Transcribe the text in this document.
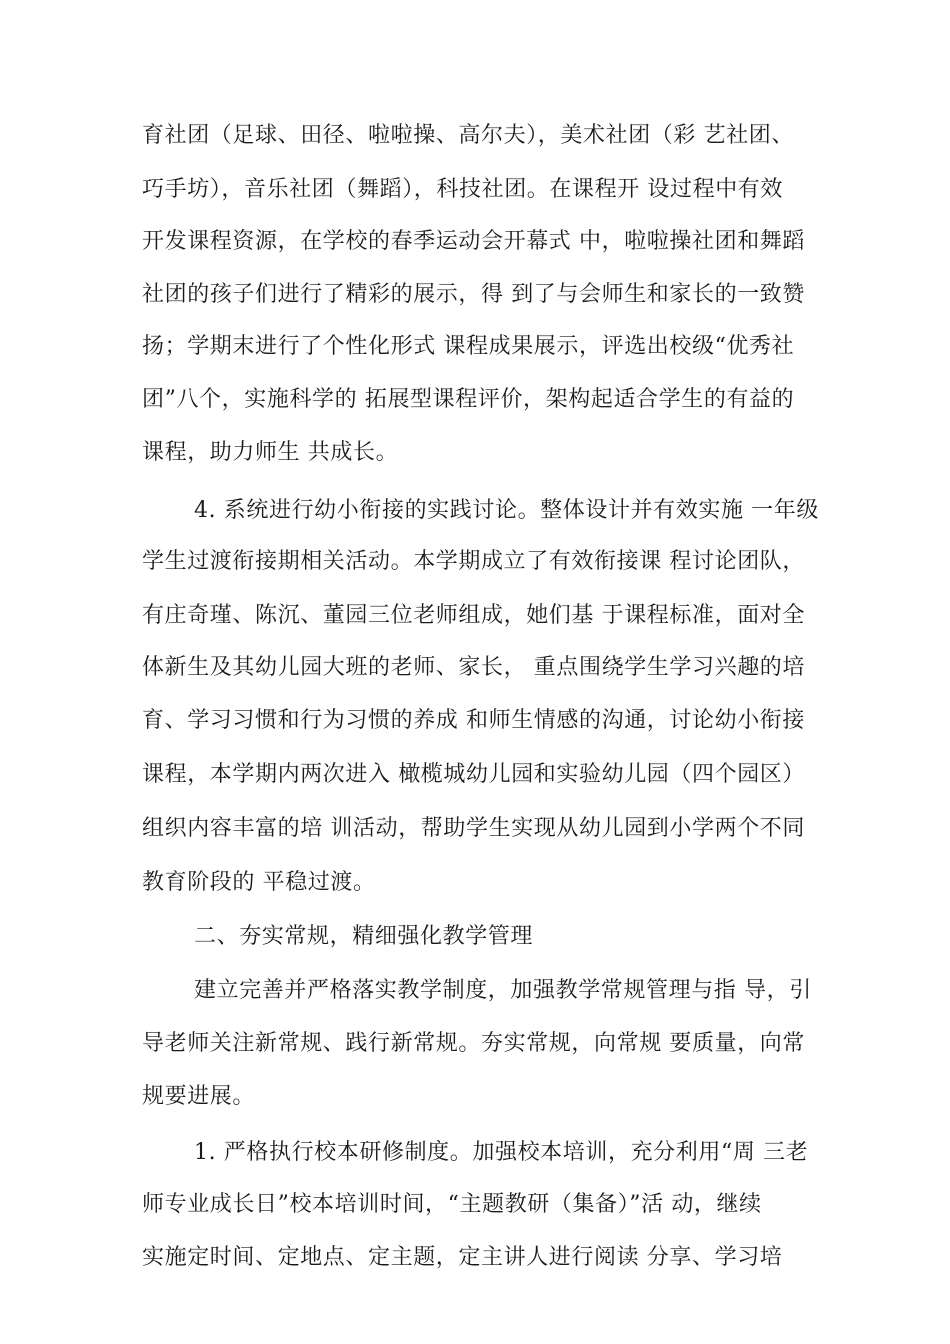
育社团（足球、田径、啦啦操、高尔夫），美术社团（彩 艺社团、
巧手坊），音乐社团（舞蹈），科技社团。在课程开 设过程中有效
开发课程资源，在学校的春季运动会开幕式 中，啦啦操社团和舞蹈
社团的孩子们进行了精彩的展示，得 到了与会师生和家长的一致赞
扬；学期末进行了个性化形式 课程成果展示，评选出校级“优秀社
团”八个，实施科学的 拓展型课程评价，架构起适合学生的有益的
课程，助力师生 共成长。
4. 系统进行幼小衔接的实践讨论。整体设计并有效实施 一年级
学生过渡衔接期相关活动。本学期成立了有效衔接课 程讨论团队，
有庄奇瑾、陈沉、董园三位老师组成，她们基 于课程标准，面对全
体新生及其幼儿园大班的老师、家长， 重点围绕学生学习兴趣的培
育、学习习惯和行为习惯的养成 和师生情感的沟通，讨论幼小衔接
课程，本学期内两次进入 橄榄城幼儿园和实验幼儿园（四个园区）
组织内容丰富的培 训活动，帮助学生实现从幼儿园到小学两个不同
教育阶段的 平稳过渡。
二、夯实常规，精细强化教学管理
建立完善并严格落实教学制度，加强教学常规管理与指 导，引
导老师关注新常规、践行新常规。夯实常规，向常规 要质量，向常
规要进展。
1. 严格执行校本研修制度。加强校本培训，充分利用“周 三老
师专业成长日”校本培训时间，“主题教研（集备）”活 动，继续
实施定时间、定地点、定主题，定主讲人进行阅读 分享、学习培
